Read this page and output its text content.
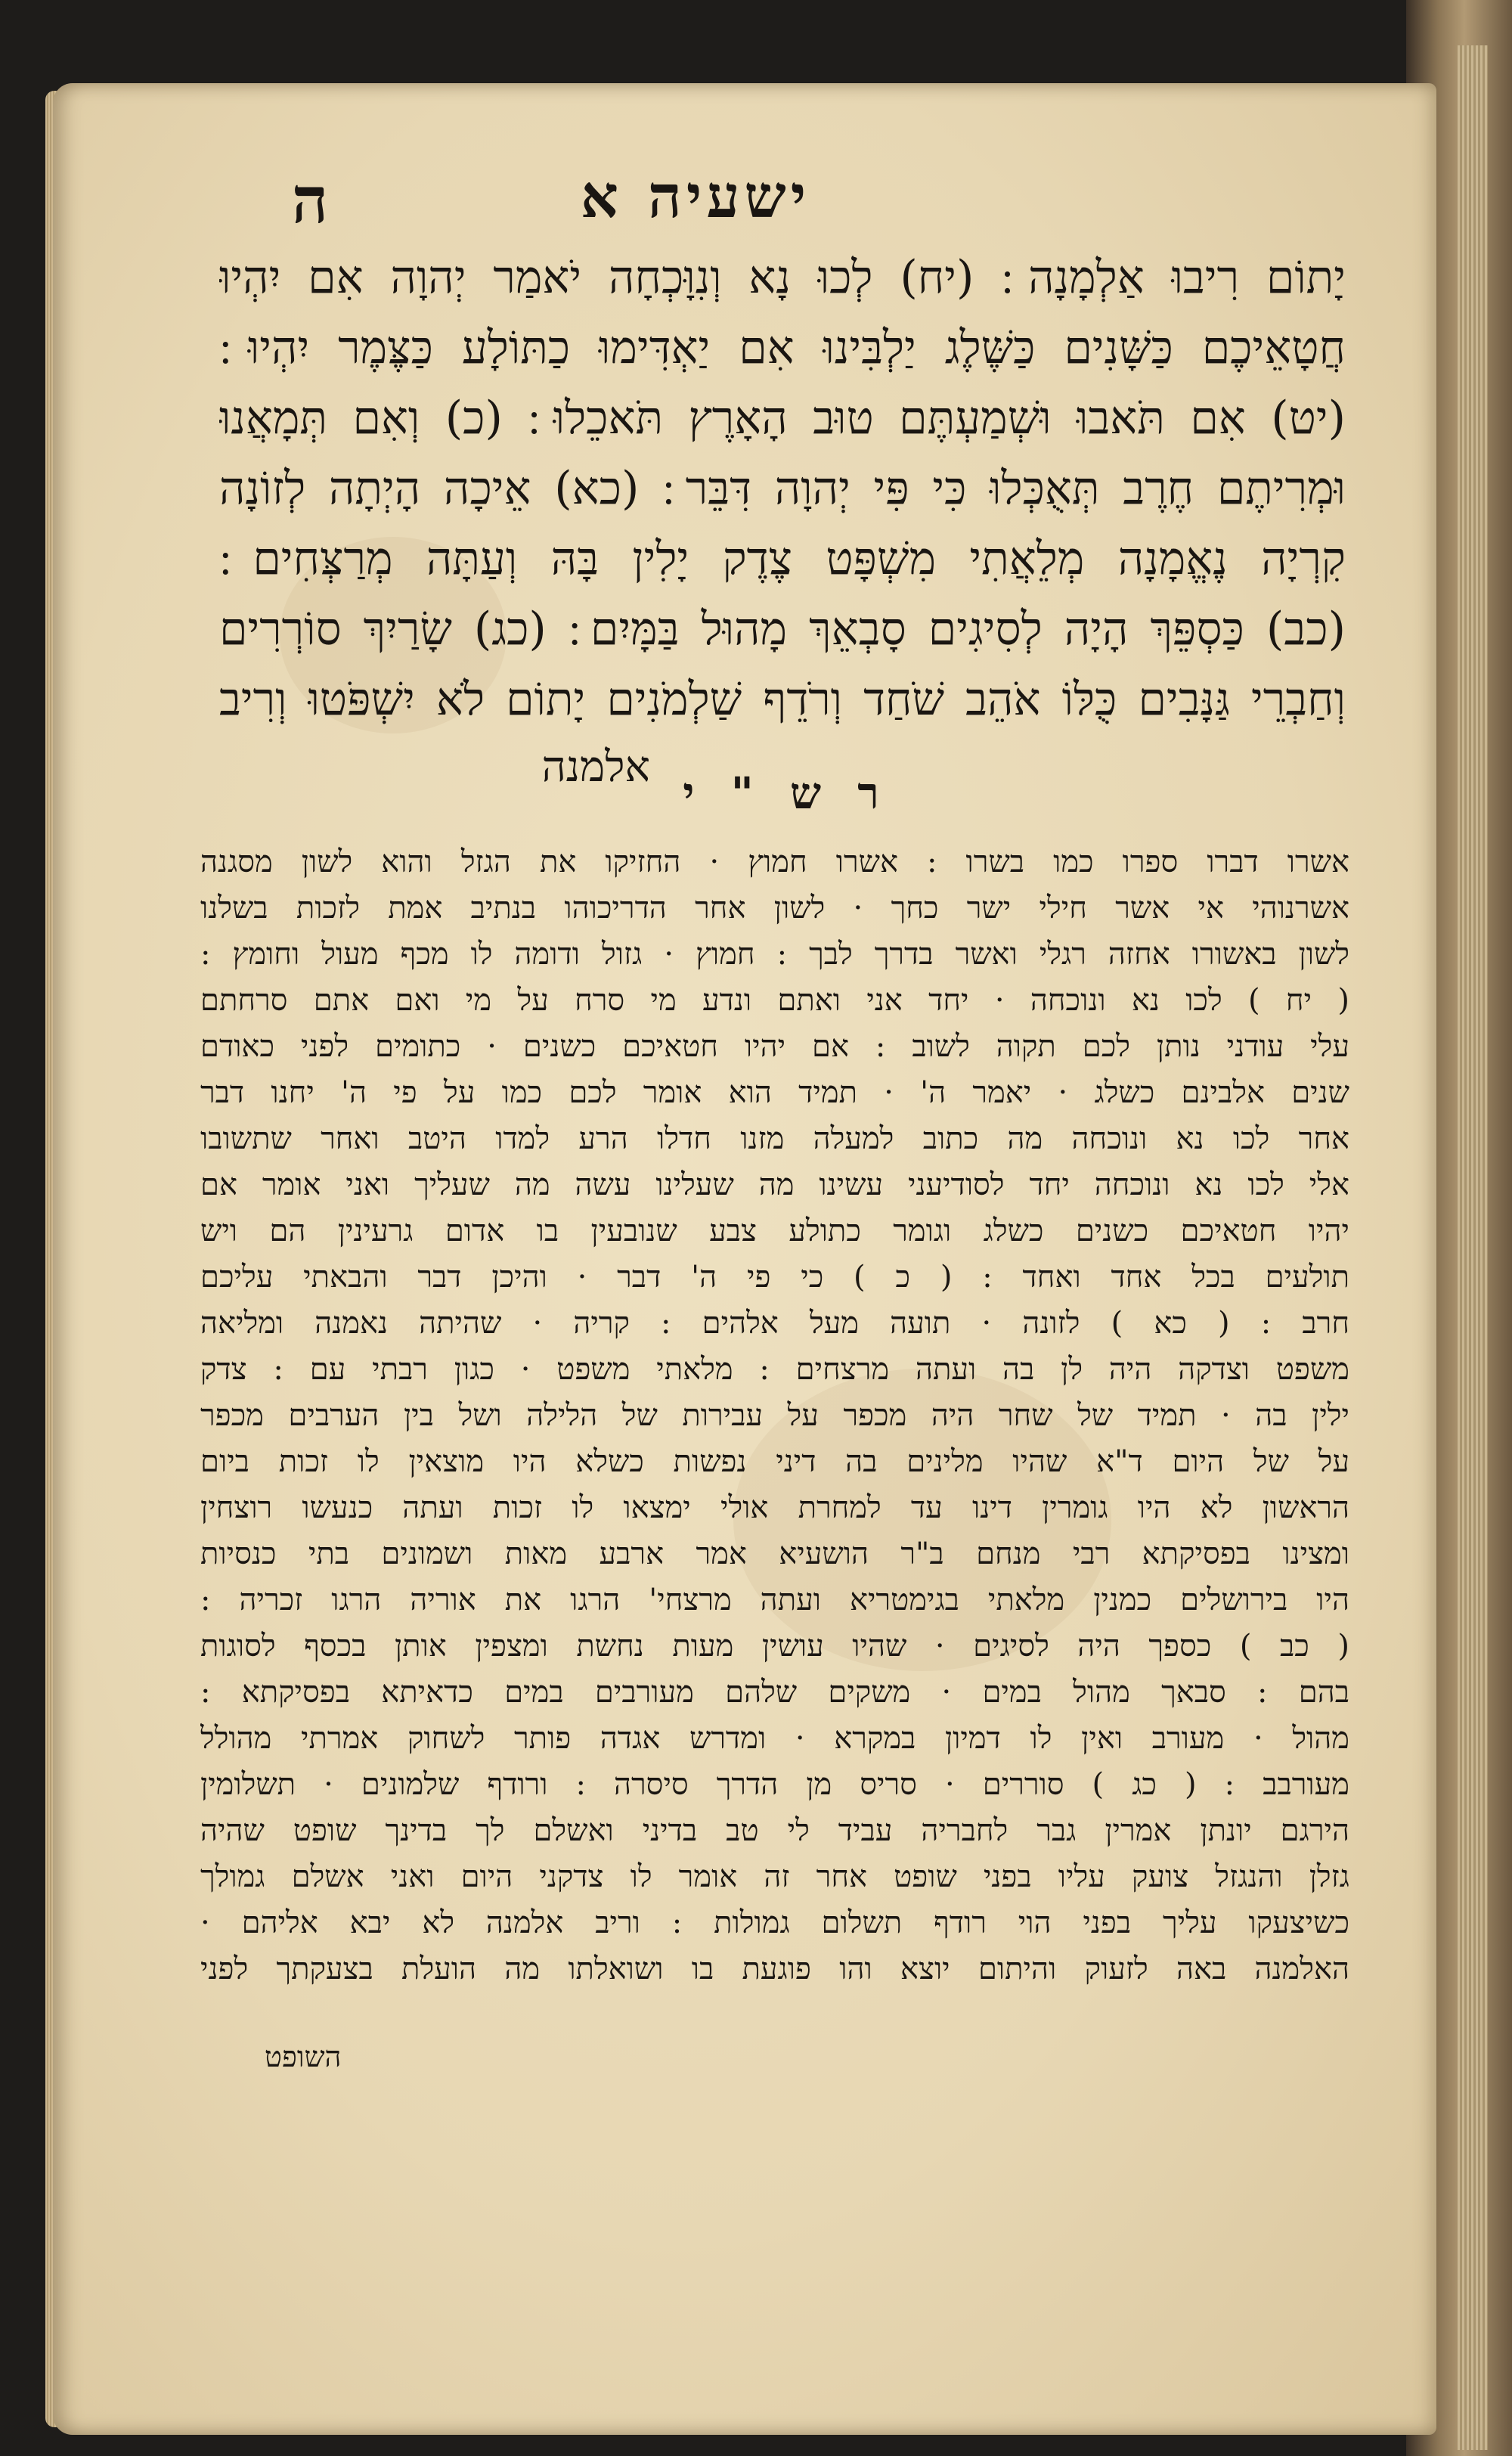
ישעיה א
ה
יָתוֹם רִיבוּ אַלְמָנָה ׃ (יח) לְכוּ נָא וְנִוָּכְחָה יֹאמַר יְהוָה אִם יִהְיוּ
חֲטָאֵיכֶם כַּשָּׁנִים כַּשֶּׁלֶג יַלְבִּינוּ אִם יַאְדִּימוּ כַתּוֹלָע כַּצֶּמֶר יִהְיוּ ׃
(יט) אִם תֹּאבוּ וּשְׁמַעְתֶּם טוּב הָאָרֶץ תֹּאכֵלוּ ׃ (כ) וְאִם תְּמָאֲנוּ
וּמְרִיתֶם חֶרֶב תְּאֻכְּלוּ כִּי פִּי יְהוָה דִּבֵּר ׃ (כא) אֵיכָה הָיְתָה לְזוֹנָה
קִרְיָה נֶאֱמָנָה מְלֵאֲתִי מִשְׁפָּט צֶדֶק יָלִין בָּהּ וְעַתָּה מְרַצְּחִים ׃
(כב) כַּסְפֵּךְ הָיָה לְסִיגִים סָבְאֵךְ מָהוּל בַּמָּיִם ׃ (כג) שָׂרַיִךְ סוֹרְרִים
וְחַבְרֵי גַּנָּבִים כֻּלּוֹ אֹהֵב שֹׁחַד וְרֹדֵף שַׁלְמֹנִים יָתוֹם לֹא יִשְׁפֹּטוּ וְרִיב
אלמנה
ר ש " י
אשרו דברו ספרו כמו בשרו : אשרו חמוץ · החזיקו את הגזל והוא לשון מסגנה
אשרנוהי אי אשר חילי ישר כחך · לשון אחר הדריכוהו בנתיב אמת לזכות בשלנו
לשון באשורו אחזה רגלי ואשר בדרך לבך : חמוץ · גזול ודומה לו מכף מעול וחומץ :
( יח ) לכו נא ונוכחה · יחד אני ואתם ונדע מי סרח על מי ואם אתם סרחתם
עלי עודני נותן לכם תקוה לשוב : אם יהיו חטאיכם כשנים · כתומים לפני כאודם
שנים אלבינם כשלג · יאמר ה' · תמיד הוא אומר לכם כמו על פי ה' יחנו דבר
אחר לכו נא ונוכחה מה כתוב למעלה מזנו חדלו הרע למדו היטב ואחר שתשובו
אלי לכו נא ונוכחה יחד לסודיעני עשינו מה שעלינו עשה מה שעליך ואני אומר אם
יהיו חטאיכם כשנים כשלג וגומר כתולע צבע שנובעין בו אדום גרעינין הם ויש
תולעים בכל אחד ואחד : ( כ ) כי פי ה' דבר · והיכן דבר והבאתי עליכם
חרב : ( כא ) לזונה · תועה מעל אלהים : קריה · שהיתה נאמנה ומליאה
משפט וצדקה היה לן בה ועתה מרצחים : מלאתי משפט · כגון רבתי עם : צדק
ילין בה · תמיד של שחר היה מכפר על עבירות של הלילה ושל בין הערבים מכפר
על של היום ד"א שהיו מלינים בה דיני נפשות כשלא היו מוצאין לו זכות ביום
הראשון לא היו גומרין דינו עד למחרת אולי ימצאו לו זכות ועתה כנעשו רוצחין
ומצינו בפסיקתא רבי מנחם ב"ר הושעיא אמר ארבע מאות ושמונים בתי כנסיות
היו בירושלים כמנין מלאתי בגימטריא ועתה מרצחי' הרגו את אוריה הרגו זכריה :
( כב ) כספך היה לסיגים · שהיו עושין מעות נחשת ומצפין אותן בכסף לסוגות
בהם : סבאך מהול במים · משקים שלהם מעורבים במים כדאיתא בפסיקתא :
מהול · מעורב ואין לו דמיון במקרא · ומדרש אגדה פותר לשחוק אמרתי מהולל
מעורבב : ( כג ) סוררים · סריס מן הדרך סיסרה : ורודף שלמונים · תשלומין
הירגם יונתן אמרין גבר לחבריה עביד לי טב בדיני ואשלם לך בדינך שופט שהיה
גזלן והנגזל צועק עליו בפני שופט אחר זה אומר לו צדקני היום ואני אשלם גמולך
כשיצעקו עליך בפני הוי רודף תשלום גמולות : וריב אלמנה לא יבא אליהם ·
האלמנה באה לזעוק והיתום יוצא והו פוגעת בו ושואלתו מה הועלת בצעקתך לפני
השופט
